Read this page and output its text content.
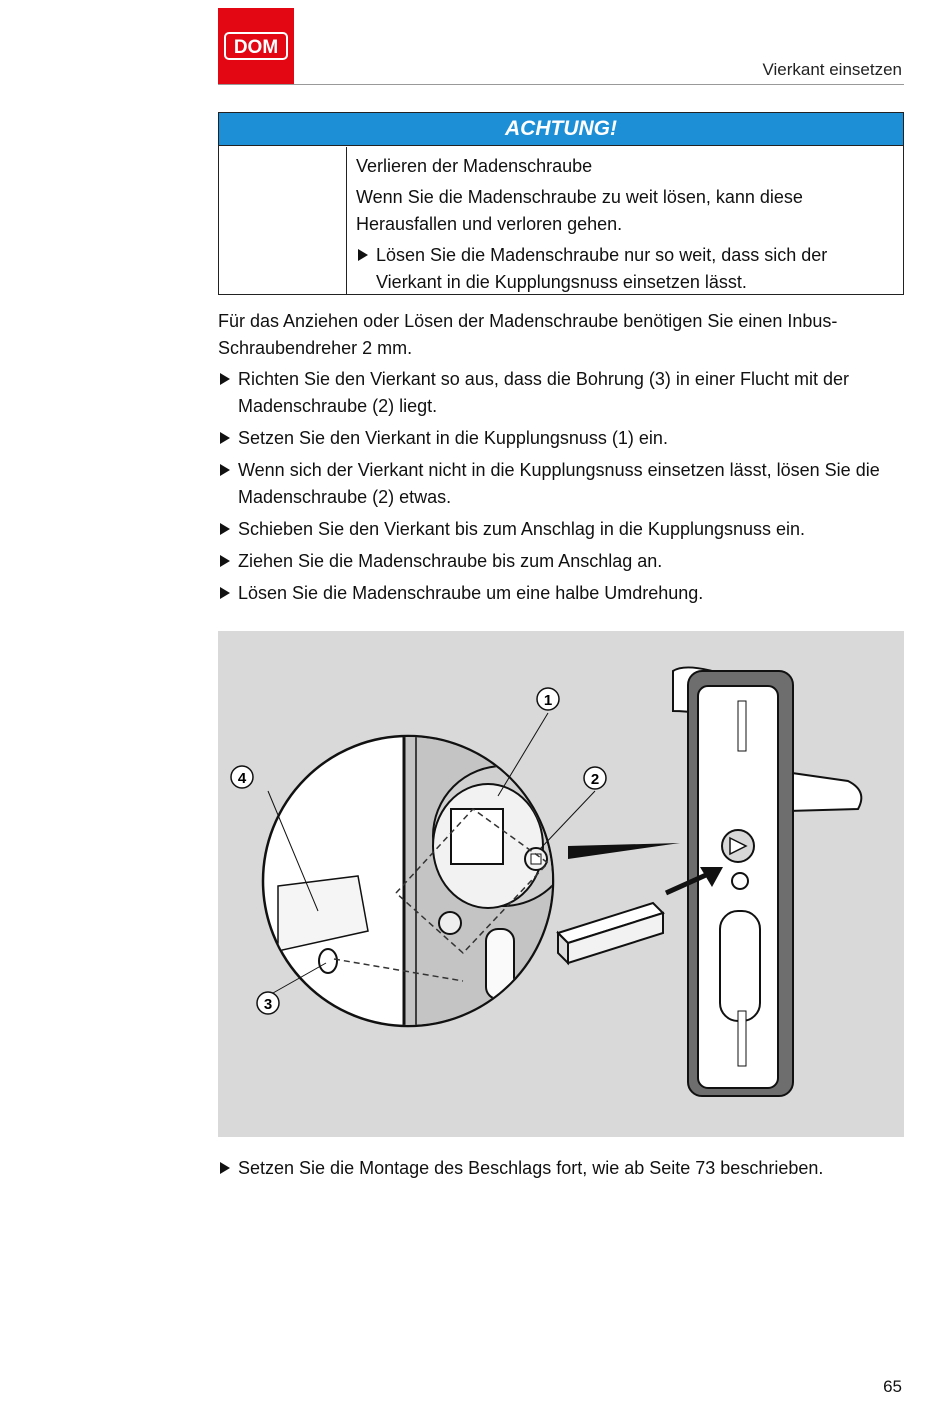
DOM
Vierkant einsetzen
ACHTUNG!

Verlieren der Madenschraube

Wenn Sie die Madenschraube zu weit lösen, kann diese Herausfallen und verloren gehen.

Lösen Sie die Madenschraube nur so weit, dass sich der Vierkant in die Kupplungsnuss einsetzen lässt.

Für das Anziehen oder Lösen der Madenschraube benötigen Sie einen Inbus-Schraubendreher 2 mm.
Richten Sie den Vierkant so aus, dass die Bohrung (3) in einer Flucht mit der Madenschraube (2) liegt.
Setzen Sie den Vierkant in die Kupplungsnuss (1) ein.
Wenn sich der Vierkant nicht in die Kupplungsnuss einsetzen lässt, lösen Sie die Madenschraube (2) etwas.
Schieben Sie den Vierkant bis zum Anschlag in die Kupplungsnuss ein.
Ziehen Sie die Madenschraube bis zum Anschlag an.
Lösen Sie die Madenschraube um eine halbe Umdrehung.
1
2
3
4
Setzen Sie die Montage des Beschlags fort, wie ab Seite 73 beschrieben.
65
